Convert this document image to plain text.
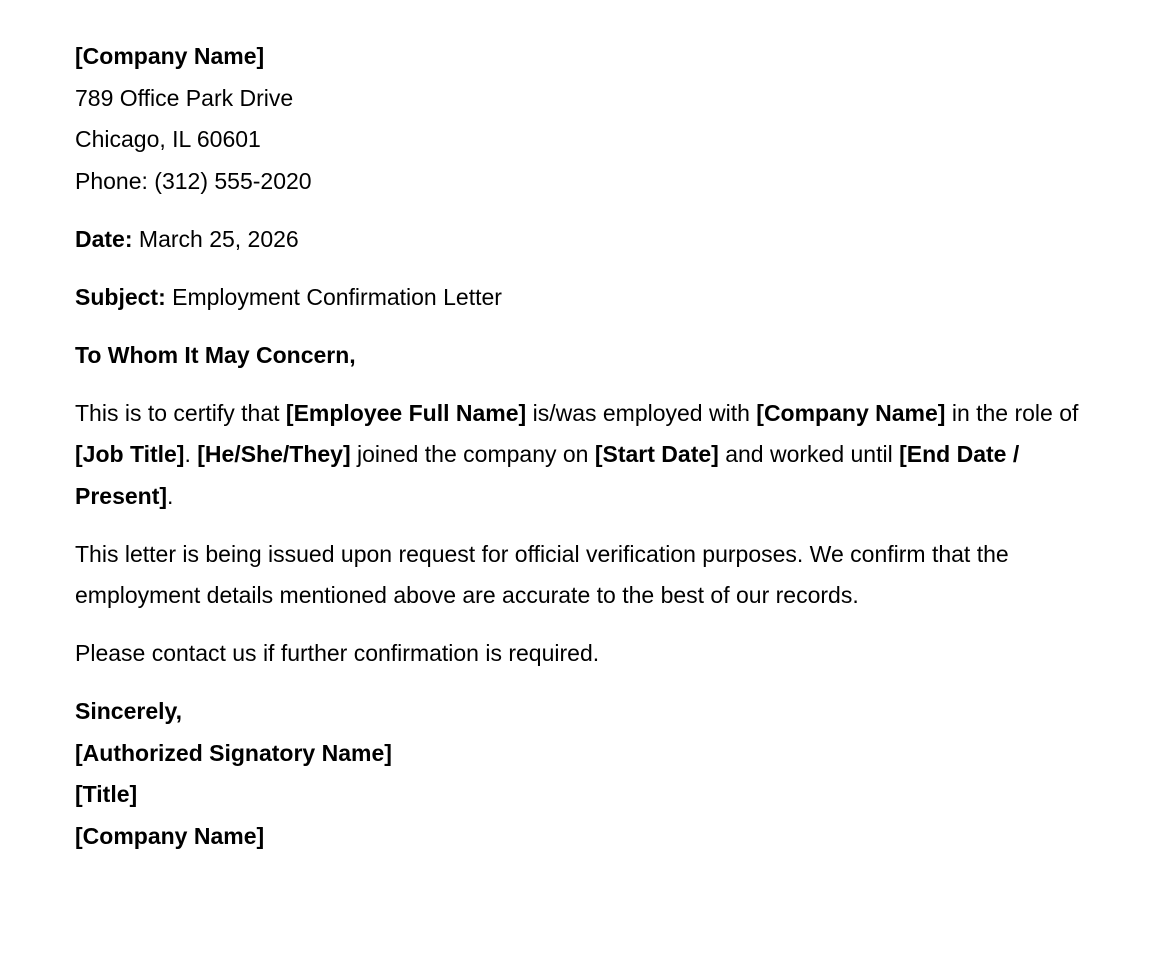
[Company Name]
789 Office Park Drive
Chicago, IL 60601
Phone: (312) 555-2020

Date: March 25, 2026

Subject: Employment Confirmation Letter

To Whom It May Concern,

This is to certify that [Employee Full Name] is/was employed with [Company Name] in the role of [Job Title]. [He/She/They] joined the company on [Start Date] and worked until [End Date / Present].

This letter is being issued upon request for official verification purposes. We confirm that the employment details mentioned above are accurate to the best of our records.

Please contact us if further confirmation is required.

Sincerely,
[Authorized Signatory Name]
[Title]
[Company Name]
